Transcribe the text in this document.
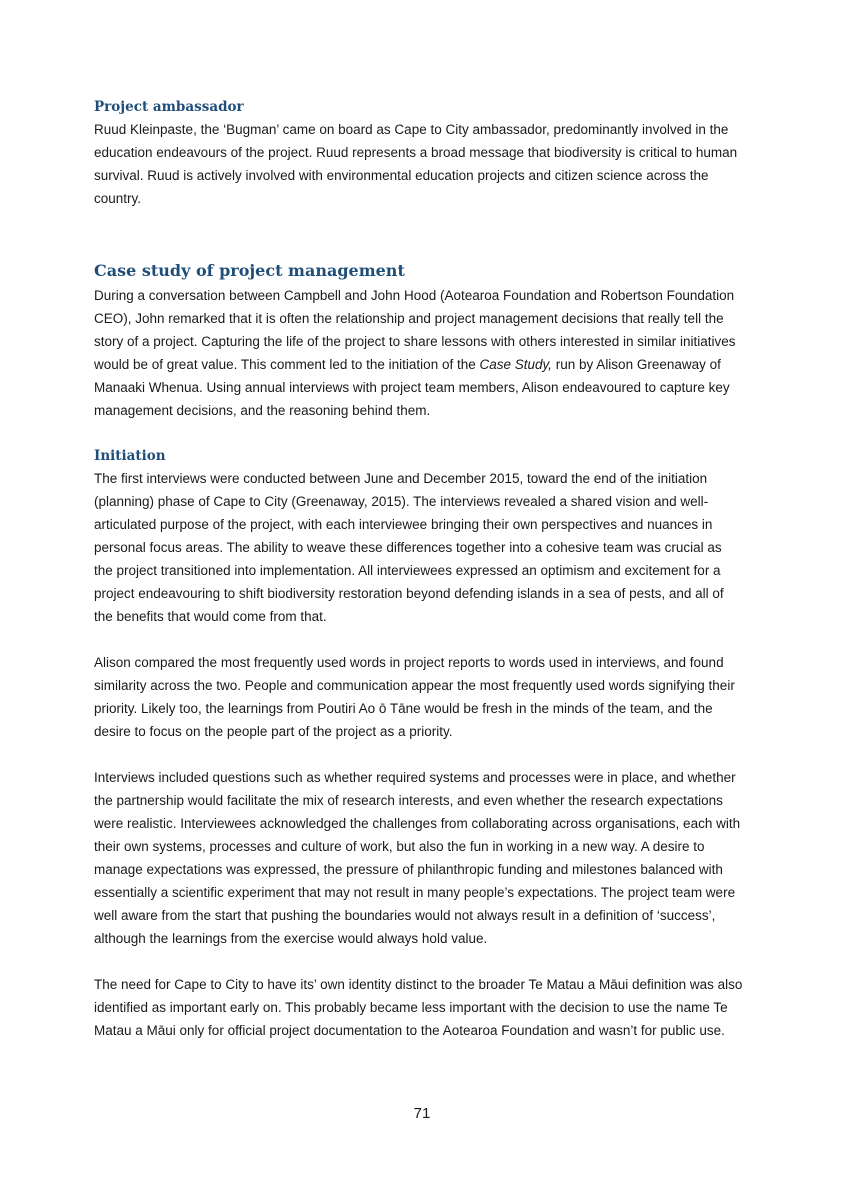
Project ambassador

Ruud Kleinpaste, the ‘Bugman’ came on board as Cape to City ambassador, predominantly involved in the education endeavours of the project. Ruud represents a broad message that biodiversity is critical to human survival. Ruud is actively involved with environmental education projects and citizen science across the country.

Case study of project management

During a conversation between Campbell and John Hood (Aotearoa Foundation and Robertson Foundation CEO), John remarked that it is often the relationship and project management decisions that really tell the story of a project. Capturing the life of the project to share lessons with others interested in similar initiatives would be of great value. This comment led to the initiation of the Case Study, run by Alison Greenaway of Manaaki Whenua. Using annual interviews with project team members, Alison endeavoured to capture key management decisions, and the reasoning behind them.

Initiation

The first interviews were conducted between June and December 2015, toward the end of the initiation (planning) phase of Cape to City (Greenaway, 2015). The interviews revealed a shared vision and well-articulated purpose of the project, with each interviewee bringing their own perspectives and nuances in personal focus areas. The ability to weave these differences together into a cohesive team was crucial as the project transitioned into implementation. All interviewees expressed an optimism and excitement for a project endeavouring to shift biodiversity restoration beyond defending islands in a sea of pests, and all of the benefits that would come from that.

Alison compared the most frequently used words in project reports to words used in interviews, and found similarity across the two. People and communication appear the most frequently used words signifying their priority. Likely too, the learnings from Poutiri Ao ō Tāne would be fresh in the minds of the team, and the desire to focus on the people part of the project as a priority.

Interviews included questions such as whether required systems and processes were in place, and whether the partnership would facilitate the mix of research interests, and even whether the research expectations were realistic. Interviewees acknowledged the challenges from collaborating across organisations, each with their own systems, processes and culture of work, but also the fun in working in a new way. A desire to manage expectations was expressed, the pressure of philanthropic funding and milestones balanced with essentially a scientific experiment that may not result in many people’s expectations. The project team were well aware from the start that pushing the boundaries would not always result in a definition of ‘success’, although the learnings from the exercise would always hold value.

The need for Cape to City to have its’ own identity distinct to the broader Te Matau a Māui definition was also identified as important early on. This probably became less important with the decision to use the name Te Matau a Māui only for official project documentation to the Aotearoa Foundation and wasn’t for public use.

71
